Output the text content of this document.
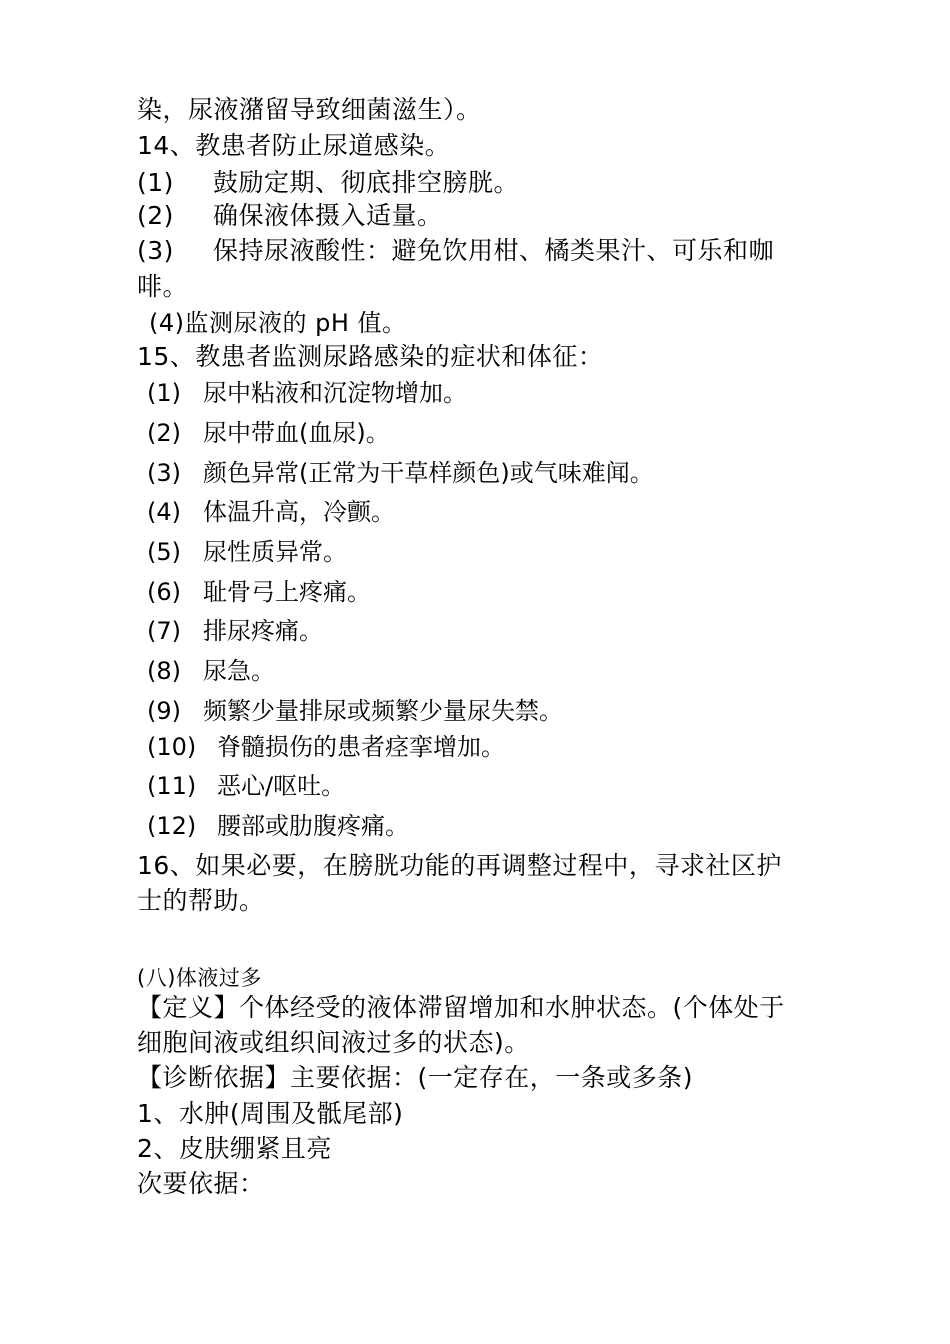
染，尿液潴留导致细菌滋生）。
14、教患者防止尿道感染。
(1) 鼓励定期、彻底排空膀胱。
(2) 确保液体摄入适量。
(3) 保持尿液酸性：避免饮用柑、橘类果汁、可乐和咖
啡。
(4)监测尿液的 pH 值。
15、教患者监测尿路感染的症状和体征：
(1) 尿中粘液和沉淀物增加。
(2) 尿中带血(血尿)。
(3) 颜色异常(正常为干草样颜色)或气味难闻。
(4) 体温升高，冷颤。
(5) 尿性质异常。
(6) 耻骨弓上疼痛。
(7) 排尿疼痛。
(8) 尿急。
(9) 频繁少量排尿或频繁少量尿失禁。
(10) 脊髓损伤的患者痉挛增加。
(11) 恶心/呕吐。
(12) 腰部或肋腹疼痛。
16、如果必要，在膀胱功能的再调整过程中，寻求社区护
士的帮助。
(八)体液过多
【定义】个体经受的液体滞留增加和水肿状态。(个体处于
细胞间液或组织间液过多的状态)。
【诊断依据】主要依据：(一定存在，一条或多条)
1、水肿(周围及骶尾部)
2、皮肤绷紧且亮
次要依据：
